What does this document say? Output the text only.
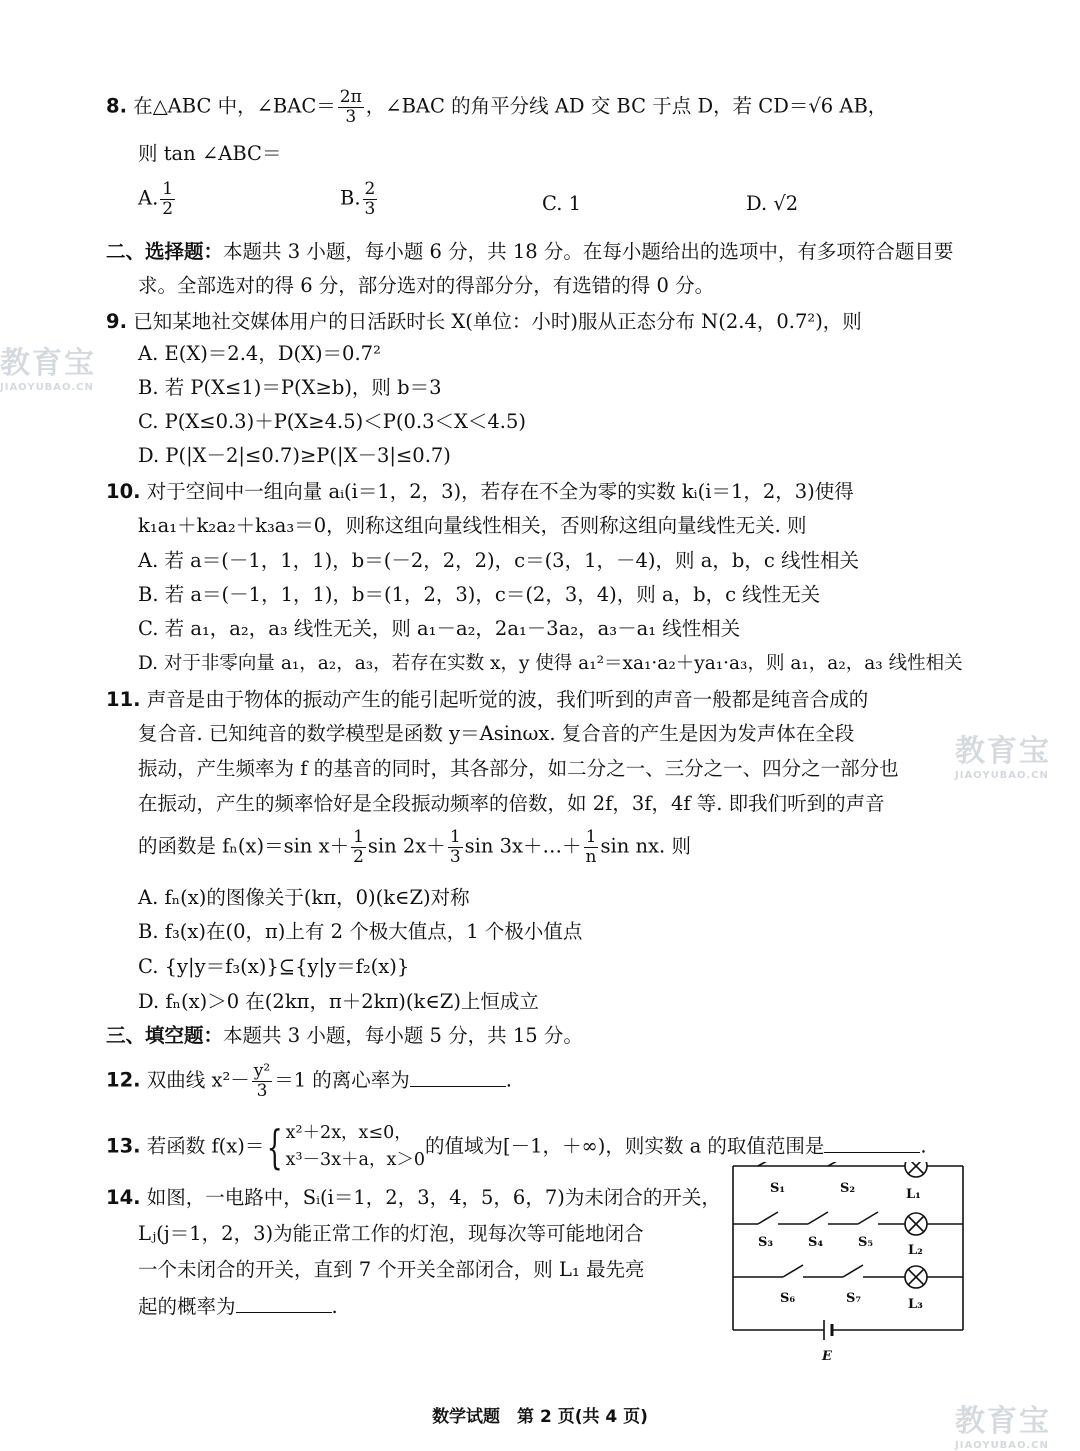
8. 在△ABC 中，∠BAC＝ $\frac{2\pi}{3}$ ，∠BAC 的角平分线 AD 交 BC 于点 D，若 CD＝√6 AB，
则 tan ∠ABC＝
A. $\frac{1}{2}$	B. $\frac{2}{3}$	C. 1	D. √2
二、选择题：本题共 3 小题，每小题 6 分，共 18 分。在每小题给出的选项中，有多项符合题目要
求。全部选对的得 6 分，部分选对的得部分分，有选错的得 0 分。
9. 已知某地社交媒体用户的日活跃时长 X(单位：小时)服从正态分布 N(2.4，0.7²)，则
A. E(X)＝2.4，D(X)＝0.7²
B. 若 P(X≤1)＝P(X≥b)，则 b＝3
C. P(X≤0.3)＋P(X≥4.5)＜P(0.3＜X＜4.5)
D. P(|X－2|≤0.7)≥P(|X－3|≤0.7)
10. 对于空间中一组向量 aᵢ(i＝1，2，3)，若存在不全为零的实数 kᵢ(i＝1，2，3)使得
k₁a₁＋k₂a₂＋k₃a₃＝0，则称这组向量线性相关，否则称这组向量线性无关. 则
A. 若 a＝(－1，1，1)，b＝(－2，2，2)，c＝(3，1，－4)，则 a，b，c 线性相关
B. 若 a＝(－1，1，1)，b＝(1，2，3)，c＝(2，3，4)，则 a，b，c 线性无关
C. 若 a₁，a₂，a₃ 线性无关，则 a₁－a₂，2a₁－3a₂，a₃－a₁ 线性相关
D. 对于非零向量 a₁，a₂，a₃，若存在实数 x，y 使得 a₁²＝xa₁·a₂＋ya₁·a₃，则 a₁，a₂，a₃ 线性相关
11. 声音是由于物体的振动产生的能引起听觉的波，我们听到的声音一般都是纯音合成的
复合音. 已知纯音的数学模型是函数 y＝Asinωx. 复合音的产生是因为发声体在全段
振动，产生频率为 f 的基音的同时，其各部分，如二分之一、三分之一、四分之一部分也
在振动，产生的频率恰好是全段振动频率的倍数，如 2f，3f，4f 等. 即我们听到的声音
的函数是 fₙ(x)＝sin $x+ \frac{1}{2}$ $\sin 2x+ \frac{1}{3}$ sin 3x＋…＋ $\frac{1}{n}$ sin nx. 则
A. fₙ(x)的图像关于(kπ，0)(k∈Z)对称
B. f₃(x)在(0，π)上有 2 个极大值点，1 个极小值点
C. {y|y＝f₃(x)}⊆{y|y＝f₂(x)}
D. fₙ(x)＞0 在(2kπ，π＋2kπ)(k∈Z)上恒成立
三、填空题：本题共 3 小题，每小题 5 分，共 15 分。
12. 双曲线 $x^2- \frac{\text{y²}}{3} =1$ 的离心率为	.
13. 若函数 f(x)＝{ x²＋2x，x≤0，
x³－3x＋a，x＞0
的值域为[－1，＋∞)，则实数 a 的取值范围是	.
14. 如图，一电路中，Sᵢ(i＝1，2，3，4，5，6，7)为未闭合的开关，
Lⱼ(j＝1，2，3)为能正常工作的灯泡，现每次等可能地闭合
一个未闭合的开关，直到 7 个开关全部闭合，则 L₁ 最先亮
起的概率为	.
S₁	S₂	L₁
S₃	S₄	S₅
L₂
S₆	S₇	L₃
E
数学试题　第 2 页(共 4 页)
教育宝
JIAOYUBAO.CN
教育宝
JIAOYUBAO.CN
教育宝
JIAOYUBAO.CN
